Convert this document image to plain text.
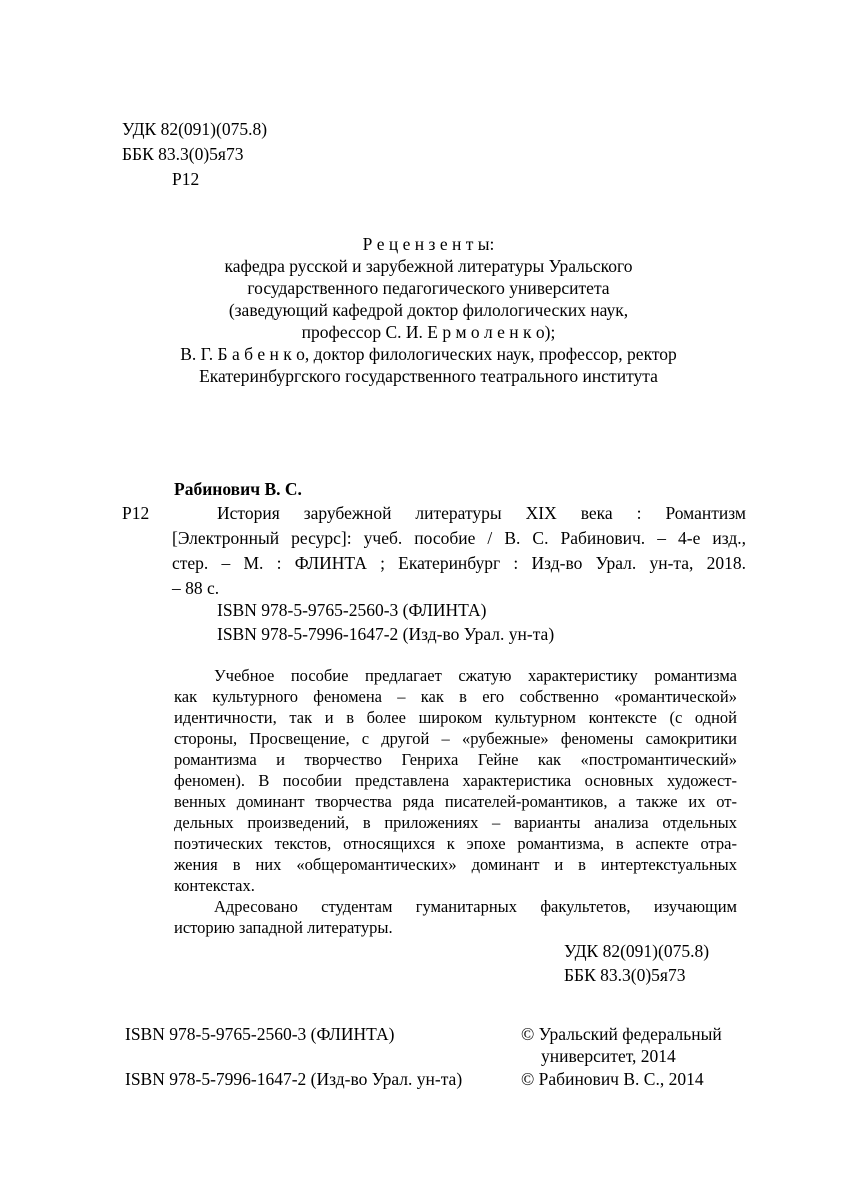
УДК 82(091)(075.8)
ББК 83.3(0)5я73
Р12
Р е ц е н з е н т ы:
кафедра русской и зарубежной литературы Уральского
государственного педагогического университета
(заведующий кафедрой доктор филологических наук,
профессор С. И. Е р м о л е н к о);
В. Г. Б а б е н к о, доктор филологических наук, профессор, ректор
Екатеринбургского государственного театрального института
Рабинович В. С.
Р12	История зарубежной литературы XIX века : Романтизм
[Электронный ресурс]: учеб. пособие / В. С. Рабинович. – 4-е изд.,
стер. – М. : ФЛИНТА ; Екатеринбург : Изд-во Урал. ун-та, 2018.
– 88 с.
ISBN 978-5-9765-2560-3 (ФЛИНТА)
ISBN 978-5-7996-1647-2 (Изд-во Урал. ун-та)
Учебное пособие предлагает сжатую характеристику романтизма
как культурного феномена – как в его собственно «романтической»
идентичности, так и в более широком культурном контексте (с одной
стороны, Просвещение, с другой – «рубежные» феномены самокритики
романтизма и творчество Генриха Гейне как «постромантический»
феномен). В пособии представлена характеристика основных художест-
венных доминант творчества ряда писателей-романтиков, а также их от-
дельных произведений, в приложениях – варианты анализа отдельных
поэтических текстов, относящихся к эпохе романтизма, в аспекте отра-
жения в них «общеромантических» доминант и в интертекстуальных
контекстах.
Адресовано студентам гуманитарных факультетов, изучающим
историю западной литературы.
УДК 82(091)(075.8)
ББК 83.3(0)5я73
ISBN 978-5-9765-2560-3 (ФЛИНТА)
ISBN 978-5-7996-1647-2 (Изд-во Урал. ун-та)
© Уральский федеральный
университет, 2014
© Рабинович В. С., 2014
